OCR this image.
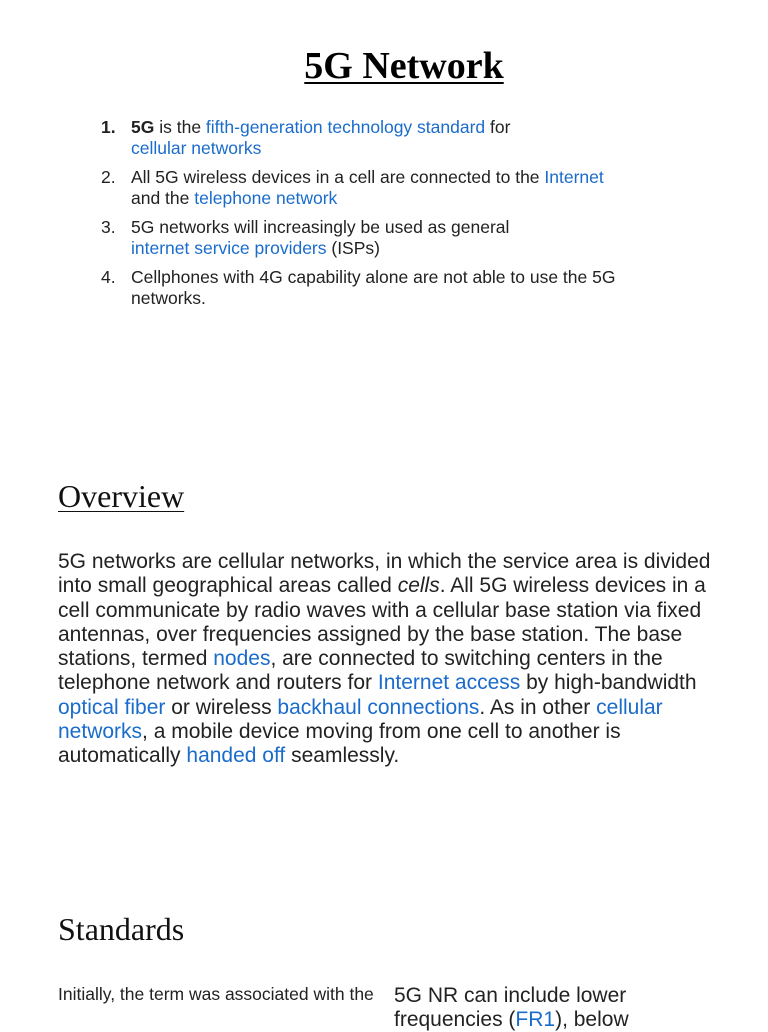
5G Network
1. 5G is the fifth-generation technology standard for
cellular networks
2. All 5G wireless devices in a cell are connected to the Internet
and the telephone network
3. 5G networks will increasingly be used as general
internet service providers (ISPs)
4. Cellphones with 4G capability alone are not able to use the 5G networks.
Overview

5G networks are cellular networks, in which the service area is divided into small geographical areas called cells. All 5G wireless devices in a cell communicate by radio waves with a cellular base station via fixed antennas, over frequencies assigned by the base station. The base stations, termed nodes, are connected to switching centers in the telephone network and routers for Internet access by high-bandwidth optical fiber or wireless backhaul connections. As in other cellular networks, a mobile device moving from one cell to another is automatically handed off seamlessly.

Standards

Initially, the term was associated with the 5G NR can include lower frequencies (FR1), below
